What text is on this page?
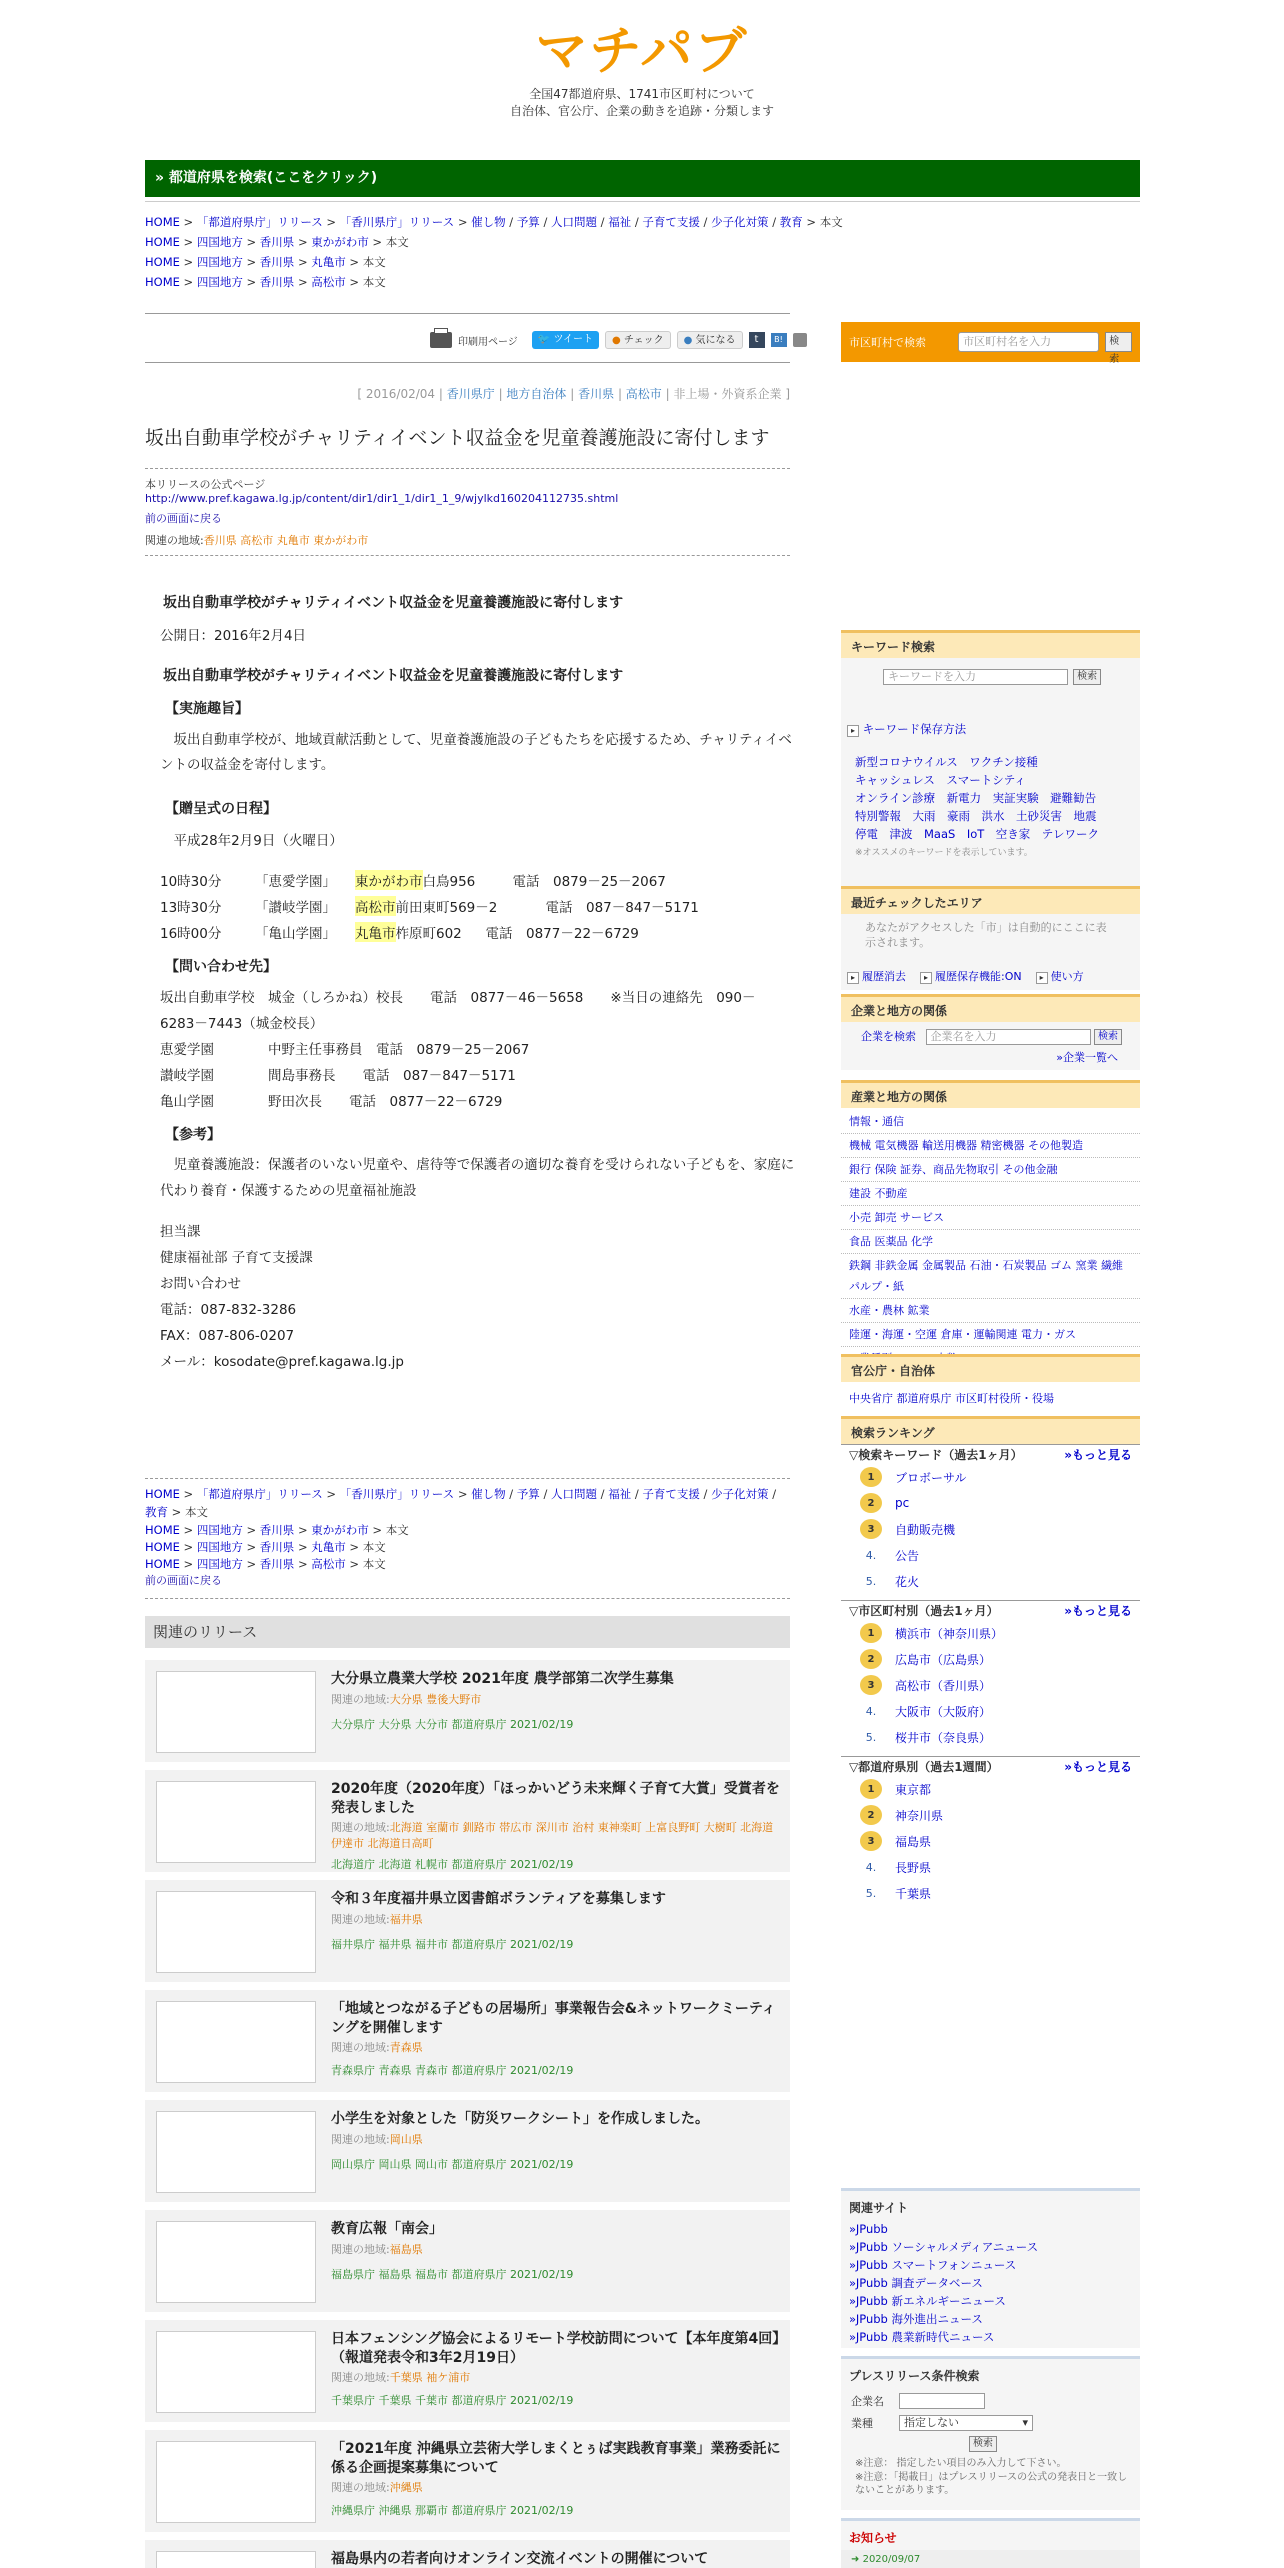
マチパブ
全国47都道府県、1741市区町村について
自治体、官公庁、企業の動きを追跡・分類します
» 都道府県を検索(ここをクリック)
HOME > 「都道府県庁」リリース > 「香川県庁」リリース > 催し物 / 予算 / 人口問題 / 福祉 / 子育て支援 / 少子化対策 / 教育 > 本文
HOME > 四国地方 > 香川県 > 東かがわ市 > 本文
HOME > 四国地方 > 香川県 > 丸亀市 > 本文
HOME > 四国地方 > 香川県 > 高松市 > 本文
印刷用ページ	🐦 ツイート	● チェック	● 気になる	t	B!
[ 2016/02/04 | 香川県庁 | 地方自治体 | 香川県 | 高松市 | 非上場・外資系企業 ]
坂出自動車学校がチャリティイベント収益金を児童養護施設に寄付します
本リリースの公式ページ
http://www.pref.kagawa.lg.jp/content/dir1/dir1_1/dir1_1_9/wjylkd160204112735.shtml
前の画面に戻る
関連の地域:香川県 高松市 丸亀市 東かがわ市
坂出自動車学校がチャリティイベント収益金を児童養護施設に寄付します
公開日：2016年2月4日
坂出自動車学校がチャリティイベント収益金を児童養護施設に寄付します
【実施趣旨】
　坂出自動車学校が、地域貢献活動として、児童養護施設の子どもたちを応援するため、チャリティイベントの収益金を寄付します。
【贈呈式の日程】
　平成28年2月9日（火曜日）
10時30分	「恵愛学園」	東かがわ市 白鳥956	電話　0879－25－2067
13時30分	「讃岐学園」	高松市 前田東町569－2	電話　087－847－5171
16時00分	「亀山学園」	丸亀市 柞原町602	電話　0877－22－6729
【問い合わせ先】
坂出自動車学校　城金（しろかね）校長　　電話　0877－46－5658　　※当日の連絡先　090－
6283－7443（城金校長）
恵愛学園　　　　中野主任事務員　電話　0879－25－2067
讃岐学園　　　　間島事務長　　電話　087－847－5171
亀山学園　　　　野田次長　　電話　0877－22－6729
【参考】
　児童養護施設：保護者のいない児童や、虐待等で保護者の適切な養育を受けられない子どもを、家庭に代わり養育・保護するための児童福祉施設
担当課
健康福祉部 子育て支援課
お問い合わせ
電話：087-832-3286
FAX：087-806-0207
メール：kosodate@pref.kagawa.lg.jp
HOME > 「都道府県庁」リリース > 「香川県庁」リリース > 催し物 / 予算 / 人口問題 / 福祉 / 子育て支援 / 少子化対策 / 教育 > 本文
HOME > 四国地方 > 香川県 > 東かがわ市 > 本文
HOME > 四国地方 > 香川県 > 丸亀市 > 本文
HOME > 四国地方 > 香川県 > 高松市 > 本文
前の画面に戻る
関連のリリース
大分県立農業大学校 2021年度 農学部第二次学生募集
関連の地域:大分県 豊後大野市
大分県庁 大分県 大分市 都道府県庁 2021/02/19
2020年度（2020年度）「ほっかいどう未来輝く子育て大賞」受賞者を発表しました
関連の地域:北海道 室蘭市 釧路市 帯広市 深川市 治村 東神楽町 上富良野町 大樹町 北海道伊達市 北海道日高町
北海道庁 北海道 札幌市 都道府県庁 2021/02/19
令和３年度福井県立図書館ボランティアを募集します
関連の地域:福井県
福井県庁 福井県 福井市 都道府県庁 2021/02/19
「地域とつながる子どもの居場所」事業報告会&ネットワークミーティングを開催します
関連の地域:青森県
青森県庁 青森県 青森市 都道府県庁 2021/02/19
小学生を対象とした「防災ワークシート」を作成しました。
関連の地域:岡山県
岡山県庁 岡山県 岡山市 都道府県庁 2021/02/19
教育広報「南会」
関連の地域:福島県
福島県庁 福島県 福島市 都道府県庁 2021/02/19
日本フェンシング協会によるリモート学校訪問について【本年度第4回】（報道発表令和3年2月19日）
関連の地域:千葉県 袖ケ浦市
千葉県庁 千葉県 千葉市 都道府県庁 2021/02/19
「2021年度 沖縄県立芸術大学しまくとぅば実践教育事業」業務委託に係る企画提案募集について
関連の地域:沖縄県
沖縄県庁 沖縄県 那覇市 都道府県庁 2021/02/19
福島県内の若者向けオンライン交流イベントの開催について
市区町村で検索	市区町村名を入力	検索
キーワード検索
キーワードを入力	検索
▸ キーワード保存方法
新型コロナウイルス　ワクチン接種
キャッシュレス　スマートシティ
オンライン診療　新電力　実証実験　避難勧告
特別警報　大雨　豪雨　洪水　土砂災害　地震
停電　津波　MaaS　IoT　空き家　テレワーク
※オススメのキーワードを表示しています。
最近チェックしたエリア
あなたがアクセスした「市」は自動的にここに表示されます。
▸ 履歴消去	▸ 履歴保存機能:ON	▸ 使い方
企業と地方の関係
企業を検索 企業名を入力	検索
»企業一覧へ
産業と地方の関係
情報・通信
機械 電気機器 輸送用機器 精密機器 その他製造
銀行 保険 証券、商品先物取引 その他金融
建設 不動産
小売 卸売 サービス
食品 医薬品 化学
鉄鋼 非鉄金属 金属製品 石油・石炭製品 ゴム 窯業 繊維 パルプ・紙
水産・農林 鉱業
陸運・海運・空運 倉庫・運輸関連 電力・ガス
官公庁・自治体
中央省庁 都道府県庁 市区町村役所・役場
検索ランキング
▽検索キーワード（過去1ヶ月）	»もっと見る
1	ブロボーサル
2	pc
3	自動販売機
4. 公告
5. 花火
▽市区町村別（過去1ヶ月）	»もっと見る
1	横浜市（神奈川県）
2	広島市（広島県）
3	高松市（香川県）
4. 大阪市（大阪府）
5. 桜井市（奈良県）
▽都道府県別（過去1週間）	»もっと見る
1	東京都
2	神奈川県
3	福島県
4. 長野県
5. 千葉県
関連サイト
»JPubb
»JPubb ソーシャルメディアニュース
»JPubb スマートフォンニュース
»JPubb 調査データベース
»JPubb 新エネルギーニュース
»JPubb 海外進出ニュース
»JPubb 農業新時代ニュース
プレスリリース条件検索
企業名
業種	指定しない	▾
検索
※注意： 指定したい項目のみ入力して下さい。
※注意：「掲載日」はプレスリリースの公式の発表日と一致しないことがあります。
お知らせ
➜ 2020/09/07
